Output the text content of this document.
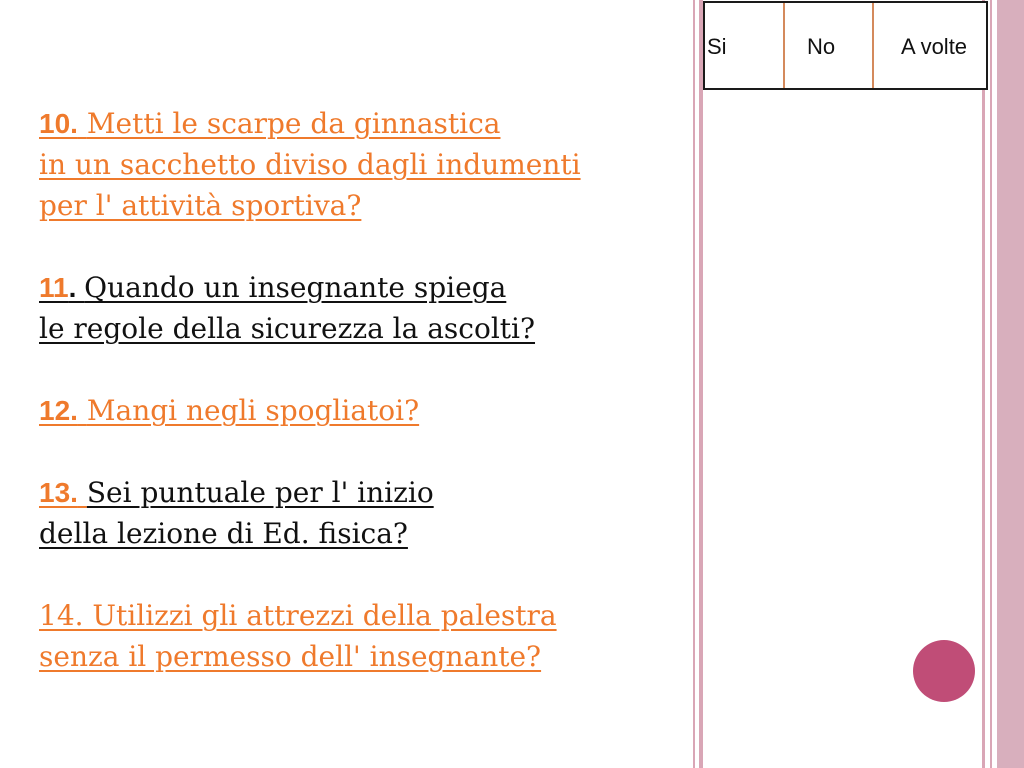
Si	No	A volte
10. Metti le scarpe da ginnastica
in un sacchetto diviso dagli indumenti
per l' attività sportiva?
11. Quando un insegnante spiega
le regole della sicurezza la ascolti?
12. Mangi negli spogliatoi?
13. Sei puntuale per l' inizio
della lezione di Ed. fisica?
14. Utilizzi gli attrezzi della palestra
senza il permesso dell' insegnante?
